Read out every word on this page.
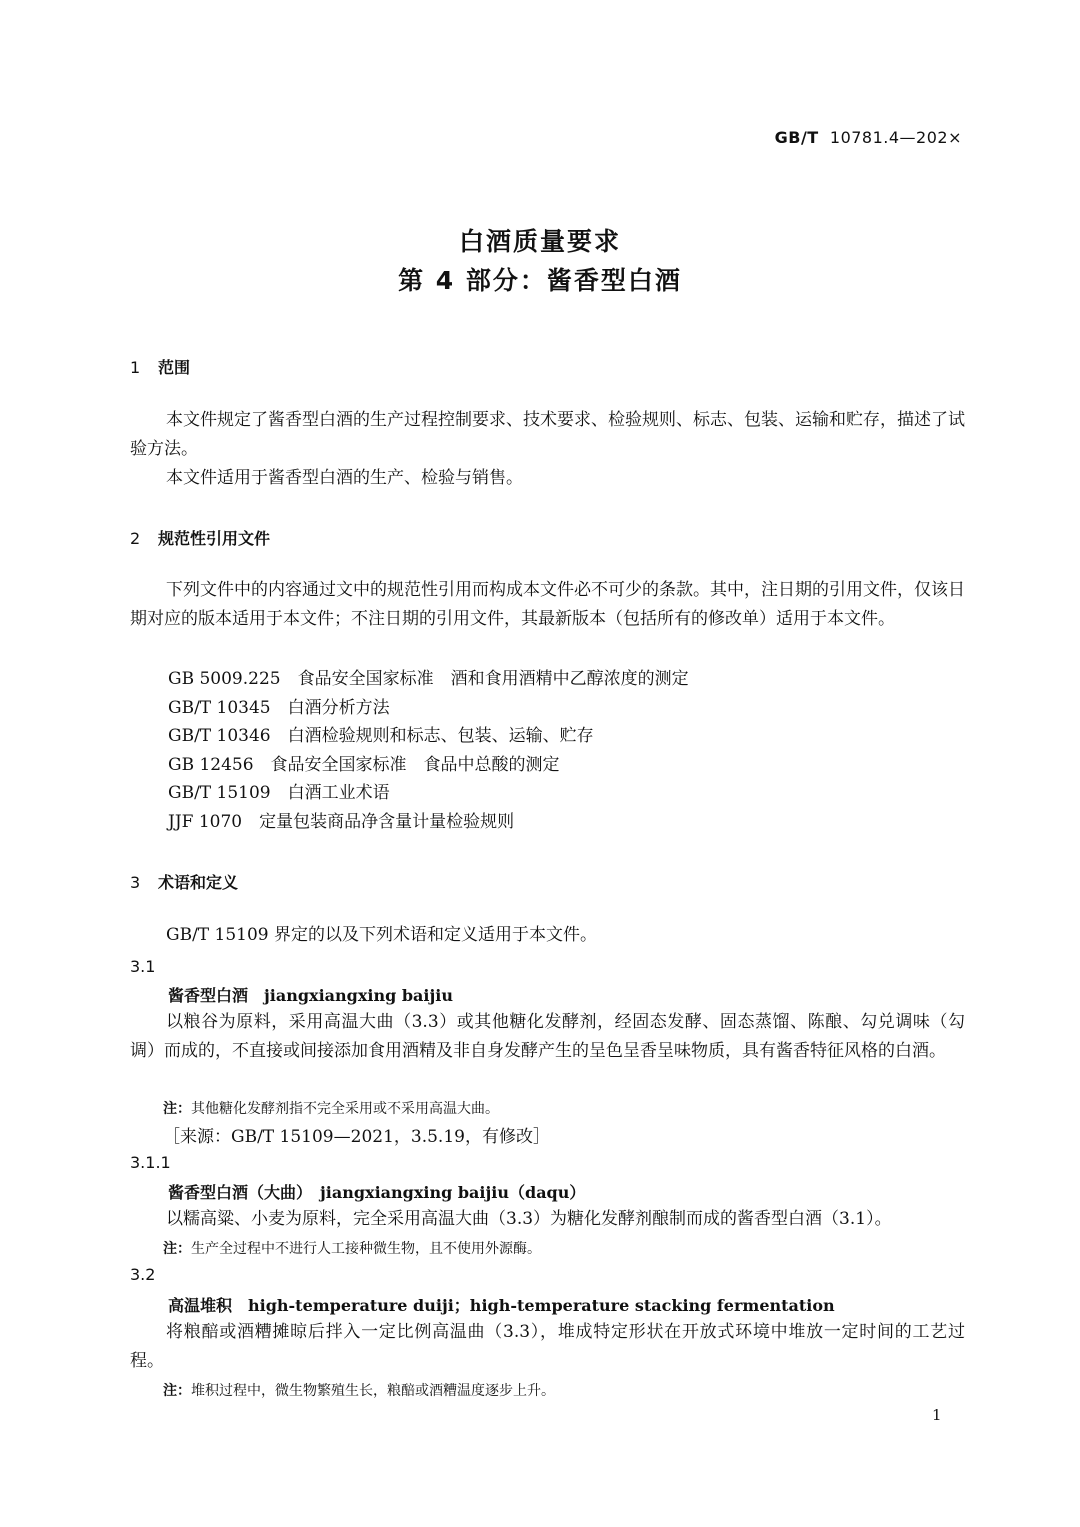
GB/T 10781.4—202×
白酒质量要求
第 4 部分：酱香型白酒
1 范围
本文件规定了酱香型白酒的生产过程控制要求、技术要求、检验规则、标志、包装、运输和贮存，描述了试验方法。
本文件适用于酱香型白酒的生产、检验与销售。
2 规范性引用文件
下列文件中的内容通过文中的规范性引用而构成本文件必不可少的条款。其中，注日期的引用文件，仅该日期对应的版本适用于本文件；不注日期的引用文件，其最新版本（包括所有的修改单）适用于本文件。
GB 5009.225　食品安全国家标准　酒和食用酒精中乙醇浓度的测定
GB/T 10345　白酒分析方法
GB/T 10346　白酒检验规则和标志、包装、运输、贮存
GB 12456　食品安全国家标准　食品中总酸的测定
GB/T 15109　白酒工业术语
JJF 1070　定量包装商品净含量计量检验规则
3 术语和定义
GB/T 15109 界定的以及下列术语和定义适用于本文件。
3.1
酱香型白酒　jiangxiangxing baijiu
以粮谷为原料，采用高温大曲（3.3）或其他糖化发酵剂，经固态发酵、固态蒸馏、陈酿、勾兑调味（勾调）而成的，不直接或间接添加食用酒精及非自身发酵产生的呈色呈香呈味物质，具有酱香特征风格的白酒。
注：其他糖化发酵剂指不完全采用或不采用高温大曲。
［来源：GB/T 15109—2021，3.5.19，有修改］
3.1.1
酱香型白酒（大曲）　jiangxiangxing baijiu（daqu）
以糯高粱、小麦为原料，完全采用高温大曲（3.3）为糖化发酵剂酿制而成的酱香型白酒（3.1）。
注：生产全过程中不进行人工接种微生物，且不使用外源酶。
3.2
高温堆积　high-temperature duiji；high-temperature stacking fermentation
将粮醅或酒糟摊晾后拌入一定比例高温曲（3.3），堆成特定形状在开放式环境中堆放一定时间的工艺过程。
注：堆积过程中，微生物繁殖生长，粮醅或酒糟温度逐步上升。
1
